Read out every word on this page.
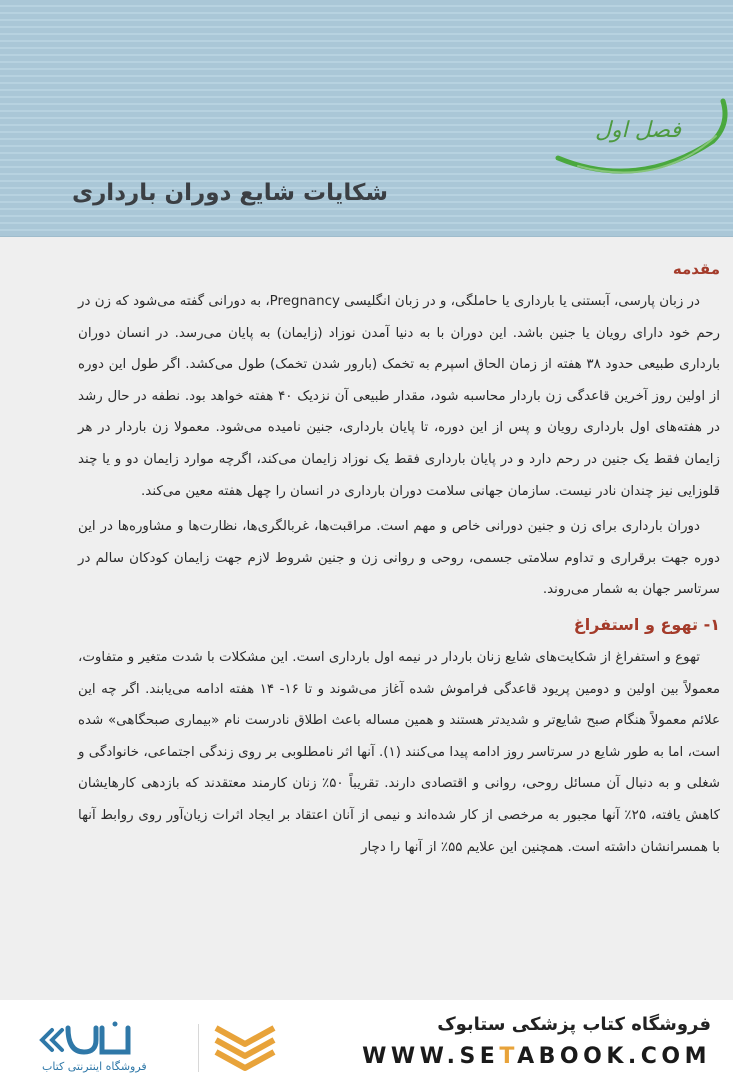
فصل اول
شکایات شایع دوران بارداری
مقدمه

در زبان پارسی، آبستنی یا بارداری یا حاملگی، و در زبان انگلیسی Pregnancy، به دورانی گفته می‌شود که زن در رحم خود دارای رویان یا جنین باشد. این دوران با به دنیا آمدن نوزاد (زایمان) به پایان می‌رسد. در انسان دوران بارداری طبیعی حدود ۳۸ هفته از زمان الحاق اسپرم به تخمک (بارور شدن تخمک) طول می‌کشد. اگر طول این دوره از اولین روز آخرین قاعدگی زن باردار محاسبه شود، مقدار طبیعی آن نزدیک ۴۰ هفته خواهد بود. نطفه در حال رشد در هفته‌های اول بارداری رویان و پس از این دوره، تا پایان بارداری، جنین نامیده می‌شود. معمولا زن باردار در هر زایمان فقط یک جنین در رحم دارد و در پایان بارداری فقط یک نوزاد زایمان می‌کند، اگرچه موارد زایمان دو و یا چند قلوزایی نیز چندان نادر نیست. سازمان جهانی سلامت دوران بارداری در انسان را چهل هفته معین می‌کند.

دوران بارداری برای زن و جنین دورانی خاص و مهم است. مراقبت‌ها، غربالگری‌ها، نظارت‌ها و مشاوره‌ها در این دوره جهت برقراری و تداوم سلامتی جسمی، روحی و روانی زن و جنین شروط لازم جهت زایمان کودکان سالم در سرتاسر جهان به شمار می‌روند.

۱- تهوع و استفراغ

تهوع و استفراغ از شکایت‌های شایع زنان باردار در نیمه اول بارداری است. این مشکلات با شدت متغیر و متفاوت، معمولاً بین اولین و دومین پریود قاعدگی فراموش شده آغاز می‌شوند و تا ۱۶- ۱۴ هفته ادامه می‌یابند. اگر چه این علائم معمولاً هنگام صبح شایع‌تر و شدیدتر هستند و همین مساله باعث اطلاق نادرست نام «بیماری صبحگاهی» شده است، اما به طور شایع در سرتاسر روز ادامه پیدا می‌کنند (۱). آنها اثر نامطلوبی بر روی زندگی اجتماعی، خانوادگی و شغلی و به دنبال آن مسائل روحی، روانی و اقتصادی دارند. تقریباً ۵۰٪ زنان کارمند معتقدند که بازدهی کارهایشان کاهش یافته، ۲۵٪ آنها مجبور به مرخصی از کار شده‌اند و نیمی از آنان اعتقاد بر ایجاد اثرات زیان‌آور روی روابط آنها با همسرانشان داشته است. همچنین این علایم ۵۵٪ از آنها را دچار

فروشگاه اینترنتی کتاب
فروشگاه کتاب پزشکی ستابوک
WWW.SETABOOK.COM
